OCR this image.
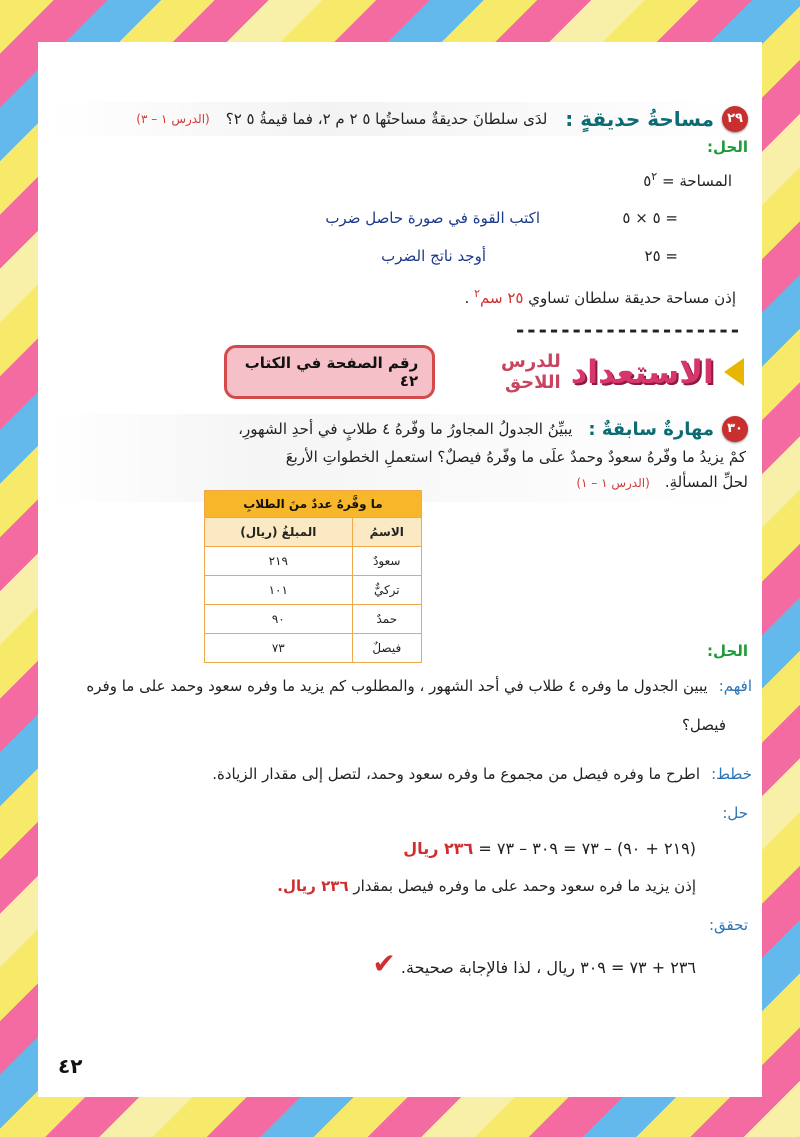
٢٩
مساحةُ حديقةٍ :
لدَى سلطانَ حديقةٌ مساحتُها ٥ ٢ م ٢، فما قيمةُ ٥ ٢؟
(الدرس ١ – ٣)
الحل:
المساحة = $٥^٢$
= ٥ × ٥
اكتب القوة في صورة حاصل ضرب
= ٢٥
أوجد ناتج الضرب
إذن مساحة حديقة سلطان تساوي ٢٥ سم$^٢$ .
--------------------
الاستعداد
للدرس اللاحق
رقم الصفحة في الكتاب ٤٢
٣٠
مهارةٌ سابقةٌ :
يبيِّنُ الجدولُ المجاورُ ما وفّرهُ ٤ طلابٍ في أحدِ الشهورِ،
كمْ يزيدُ ما وفّرهُ سعودٌ وحمدٌ علَى ما وفّرهُ فيصلٌ؟ استعملِ الخطواتِ الأربعَ
لحلِّ المسألةِ. (الدرس ١ – ١)
ما وفَّرهُ عددٌ منَ الطلابِ	
الاسمُ	المبلغُ (ريال)
سعودٌ	٢١٩
تركيٌّ	١٠١
حمدٌ	٩٠
فيصلٌ	٧٣	الحل:
افهم: يبين الجدول ما وفره ٤ طلاب في أحد الشهور ، والمطلوب كم يزيد ما وفره سعود وحمد على ما وفره
فيصل؟
خطط: اطرح ما وفره فيصل من مجموع ما وفره سعود وحمد، لتصل إلى مقدار الزيادة.
حل:
(٢١٩ + ٩٠) – ٧٣ = ٣٠٩ – ٧٣ = ٢٣٦ ريال
إذن يزيد ما فره سعود وحمد على ما وفره فيصل بمقدار ٢٣٦ ريال.
تحقق:
٢٣٦ + ٧٣ = ٣٠٩ ريال ، لذا فالإجابة صحيحة. ✔
٤٢
